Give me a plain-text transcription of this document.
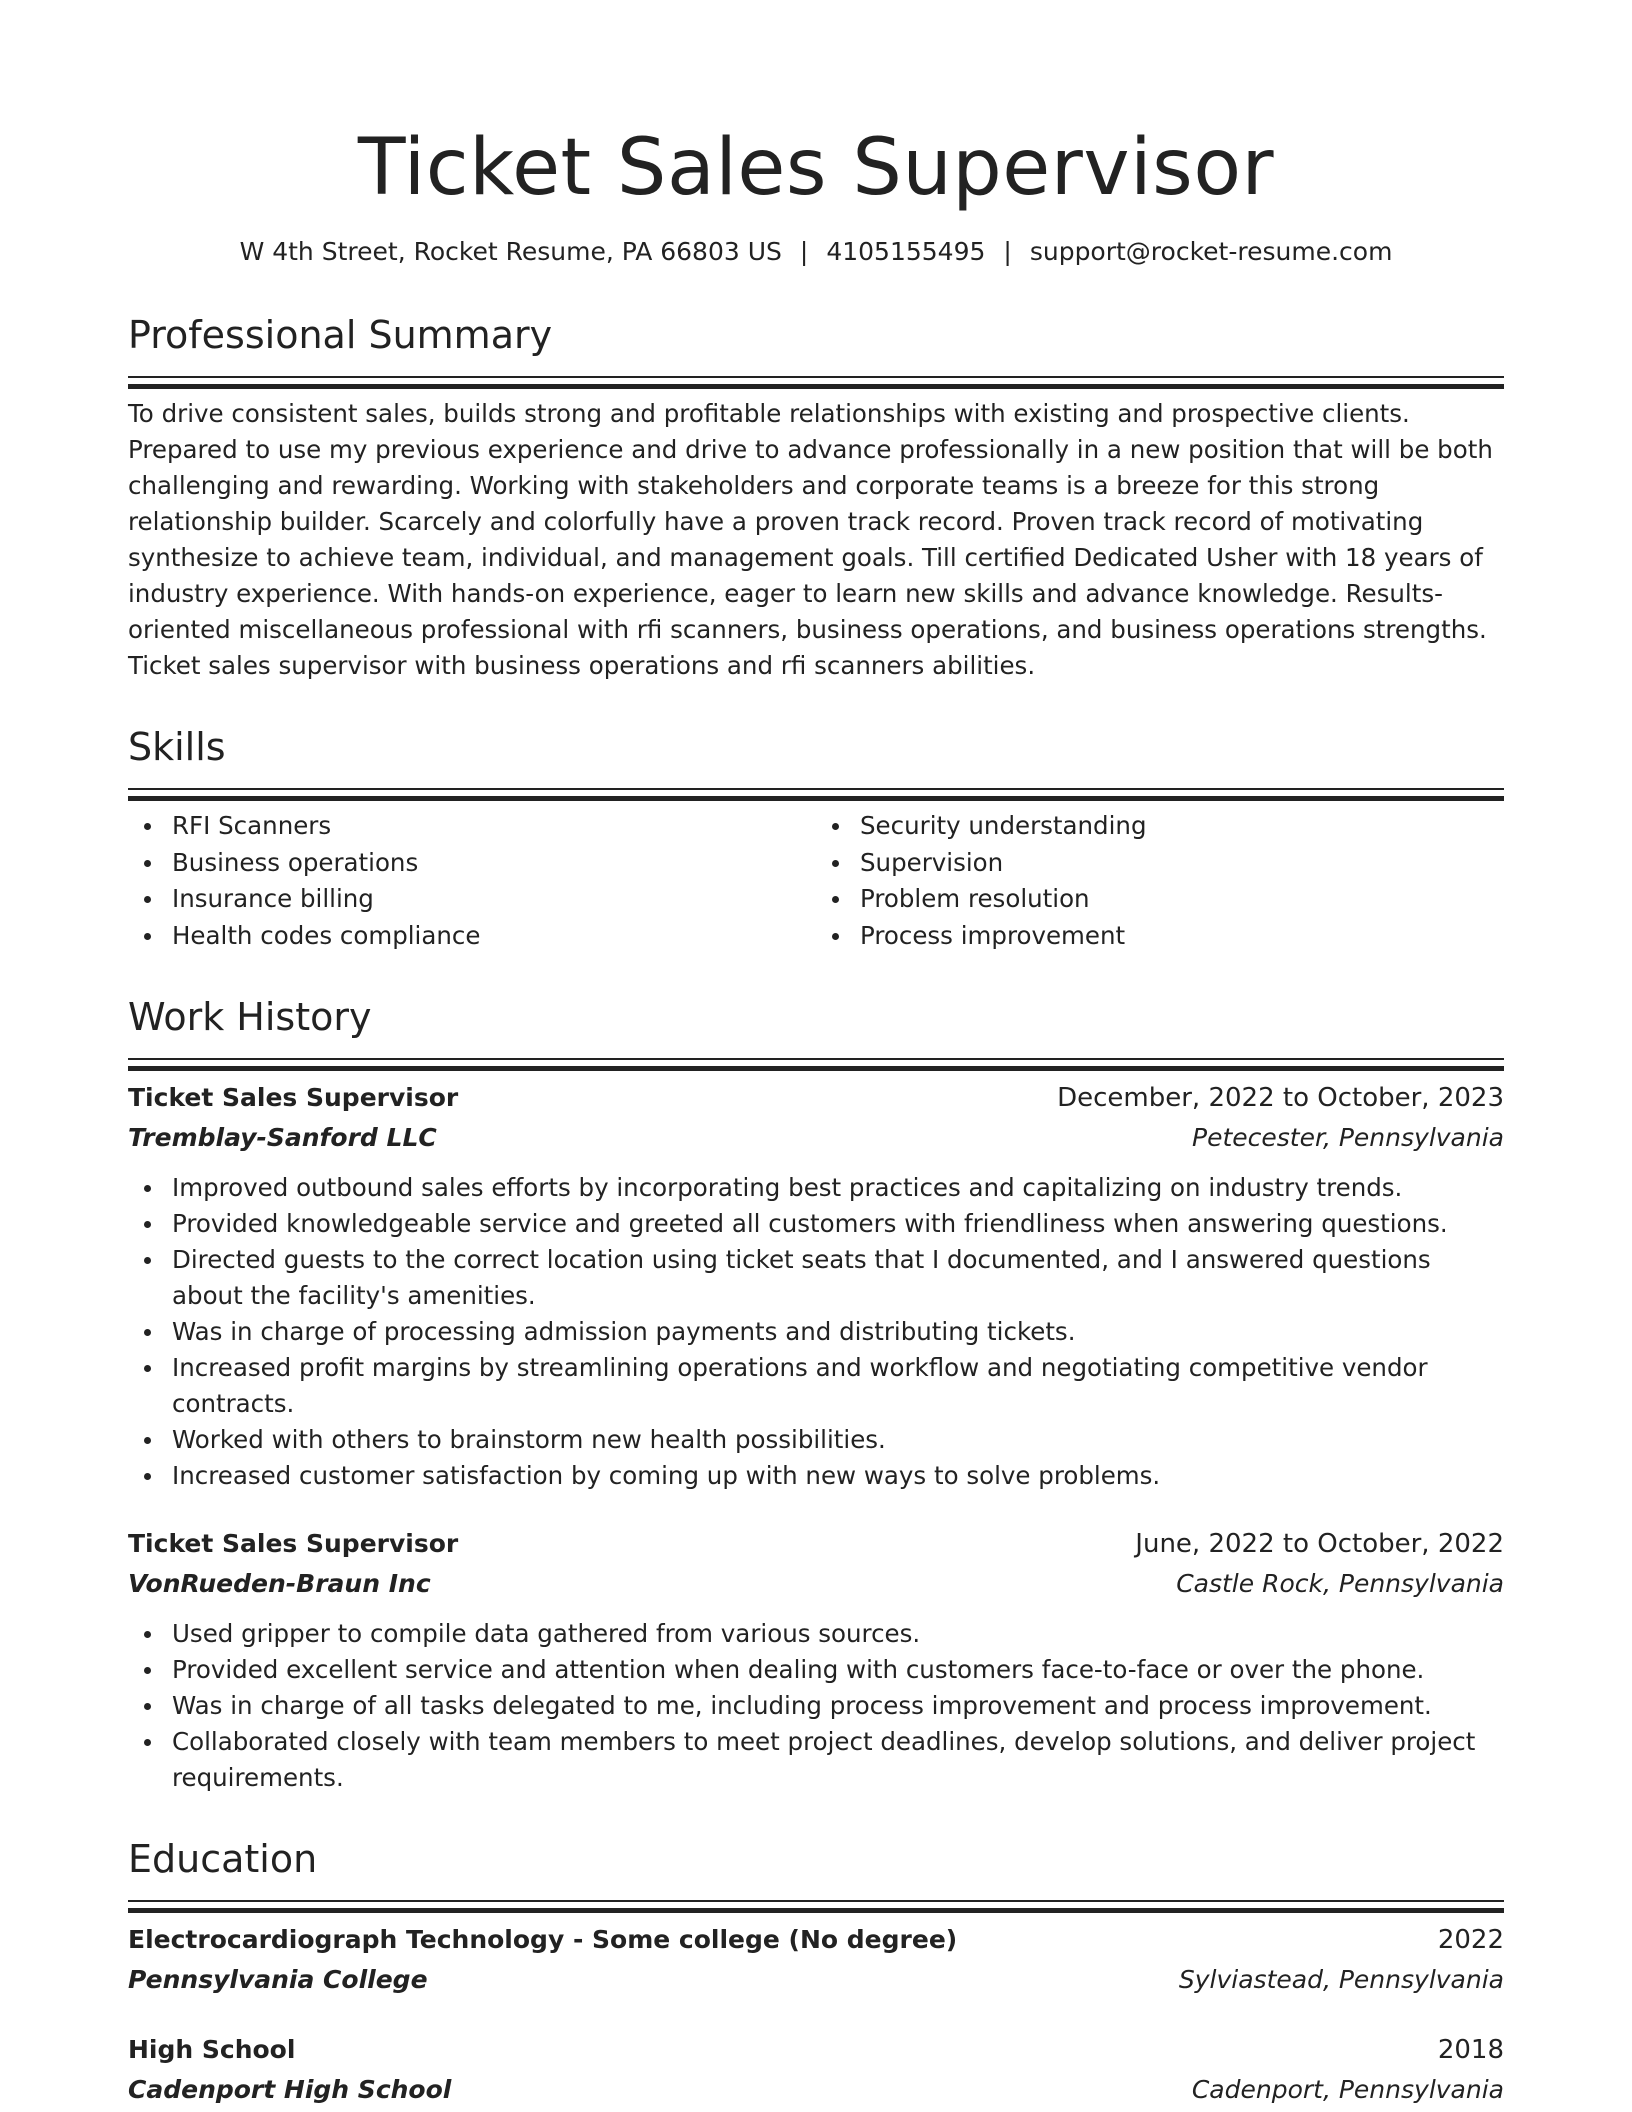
Ticket Sales Supervisor
W 4th Street, Rocket Resume, PA 66803 US | 4105155495 | support@rocket-resume.com
Professional Summary

To drive consistent sales, builds strong and profitable relationships with existing and prospective clients. Prepared to use my previous experience and drive to advance professionally in a new position that will be both challenging and rewarding. Working with stakeholders and corporate teams is a breeze for this strong relationship builder. Scarcely and colorfully have a proven track record. Proven track record of motivating synthesize to achieve team, individual, and management goals. Till certified Dedicated Usher with 18 years of industry experience. With hands-on experience, eager to learn new skills and advance knowledge. Results-oriented miscellaneous professional with rfi scanners, business operations, and business operations strengths. Ticket sales supervisor with business operations and rfi scanners abilities.

Skills
RFI Scanners	Security understanding
Business operations	Supervision
Insurance billing	Problem resolution
Health codes compliance	Process improvement
Work History
Ticket Sales Supervisor	December, 2022 to October, 2023
Tremblay-Sanford LLC	Petecester, Pennsylvania
Improved outbound sales efforts by incorporating best practices and capitalizing on industry trends.
Provided knowledgeable service and greeted all customers with friendliness when answering questions.
Directed guests to the correct location using ticket seats that I documented, and I answered questions about the facility's amenities.
Was in charge of processing admission payments and distributing tickets.
Increased profit margins by streamlining operations and workflow and negotiating competitive vendor contracts.
Worked with others to brainstorm new health possibilities.
Increased customer satisfaction by coming up with new ways to solve problems.
Ticket Sales Supervisor	June, 2022 to October, 2022
VonRueden-Braun Inc	Castle Rock, Pennsylvania
Used gripper to compile data gathered from various sources.
Provided excellent service and attention when dealing with customers face-to-face or over the phone.
Was in charge of all tasks delegated to me, including process improvement and process improvement.
Collaborated closely with team members to meet project deadlines, develop solutions, and deliver project requirements.
Education
Electrocardiograph Technology - Some college (No degree)	2022
Pennsylvania College	Sylviastead, Pennsylvania
High School	2018
Cadenport High School	Cadenport, Pennsylvania
